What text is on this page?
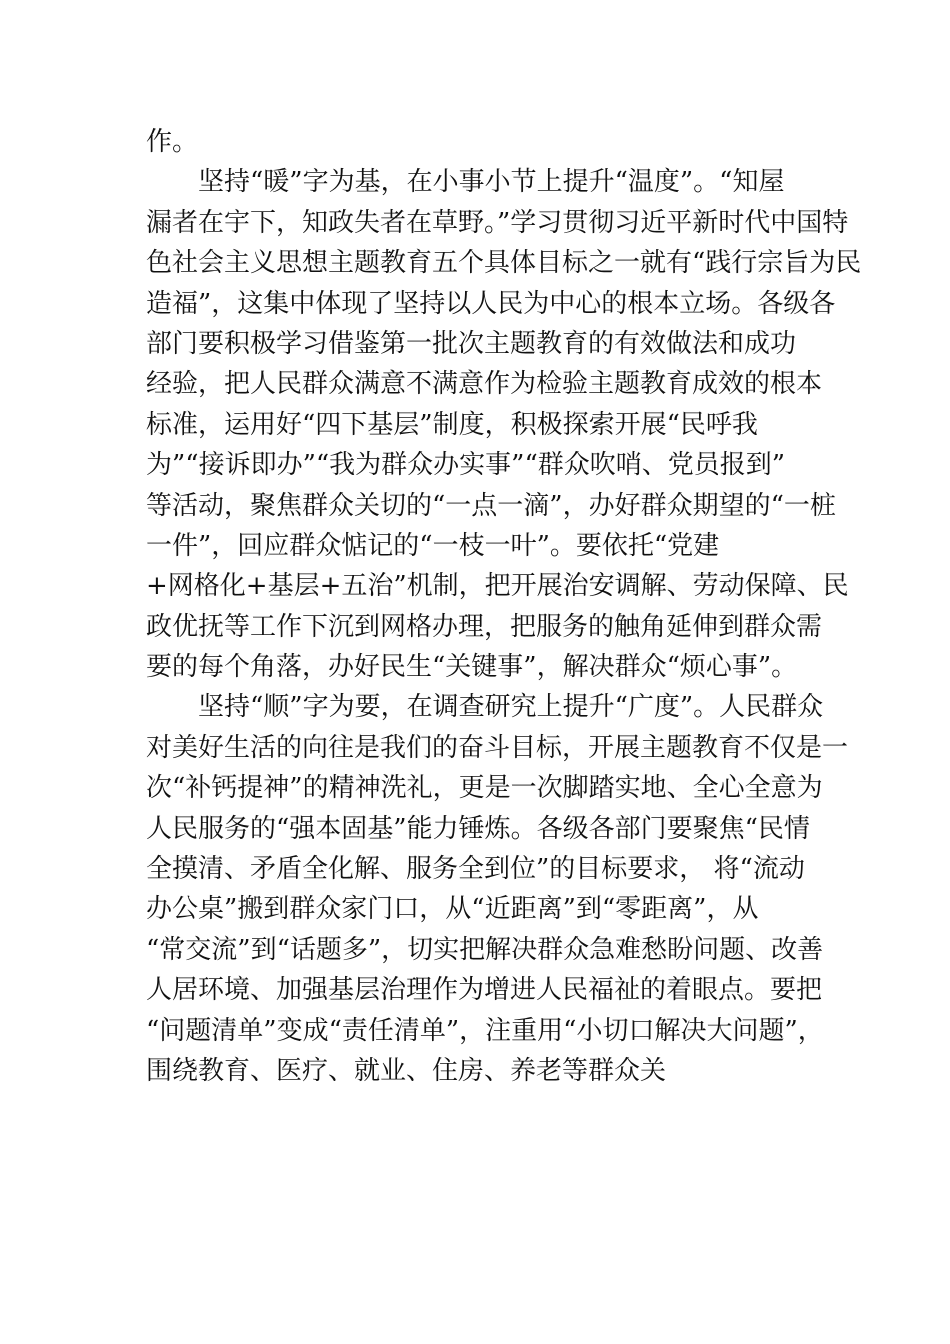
作。
坚持“暖”字为基，在小事小节上提升“温度”。“知屋
漏者在宇下，知政失者在草野。”学习贯彻习近平新时代中国特
色社会主义思想主题教育五个具体目标之一就有“践行宗旨为民
造福”，这集中体现了坚持以人民为中心的根本立场。各级各
部门要积极学习借鉴第一批次主题教育的有效做法和成功
经验，把人民群众满意不满意作为检验主题教育成效的根本
标准，运用好“四下基层”制度，积极探索开展“民呼我
为”“接诉即办”“我为群众办实事”“群众吹哨、党员报到”
等活动，聚焦群众关切的“一点一滴”，办好群众期望的“一桩
一件”，回应群众惦记的“一枝一叶”。要依托“党建
+网格化+基层+五治”机制，把开展治安调解、劳动保障、民
政优抚等工作下沉到网格办理，把服务的触角延伸到群众需
要的每个角落，办好民生“关键事”，解决群众“烦心事”。
坚持“顺”字为要，在调查研究上提升“广度”。人民群众
对美好生活的向往是我们的奋斗目标，开展主题教育不仅是一
次“补钙提神”的精神洗礼，更是一次脚踏实地、全心全意为
人民服务的“强本固基”能力锤炼。各级各部门要聚焦“民情
全摸清、矛盾全化解、服务全到位”的目标要求， 将“流动
办公桌”搬到群众家门口，从“近距离”到“零距离”，从
“常交流”到“话题多”，切实把解决群众急难愁盼问题、改善
人居环境、加强基层治理作为增进人民福祉的着眼点。要把
“问题清单”变成“责任清单”，注重用“小切口解决大问题”，
围绕教育、医疗、就业、住房、养老等群众关
